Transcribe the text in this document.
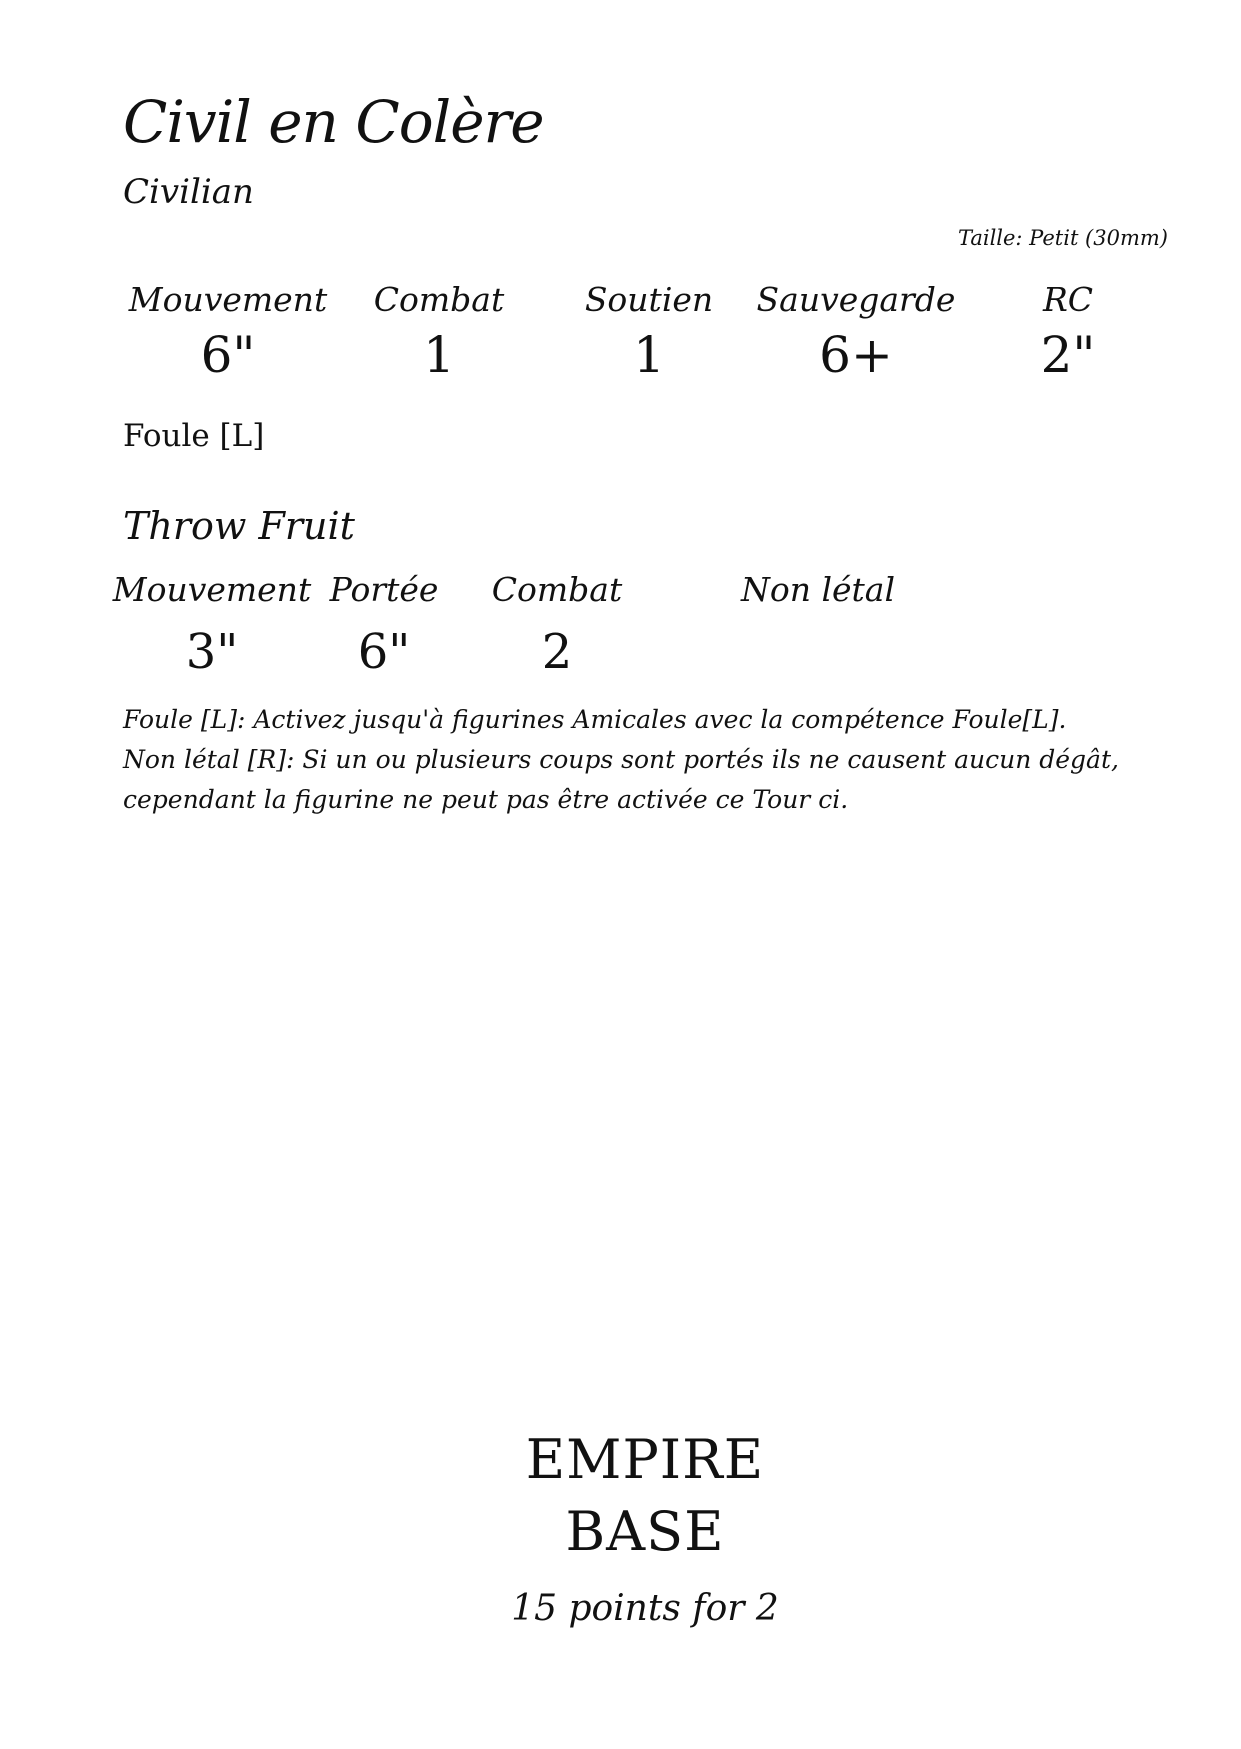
Civil en Colère
Civilian
Taille: Petit (30mm)
Mouvement
6"
Combat
1
Soutien
1
Sauvegarde
6+
RC
2"
Foule [L]
Throw Fruit
Mouvement
3"
Portée
6"
Combat
2
Non létal
Foule [L]: Activez jusqu'à figurines Amicales avec la compétence Foule[L].
Non létal [R]: Si un ou plusieurs coups sont portés ils ne causent aucun dégât,
cependant la figurine ne peut pas être activée ce Tour ci.
EMPIRE
BASE
15 points for 2
